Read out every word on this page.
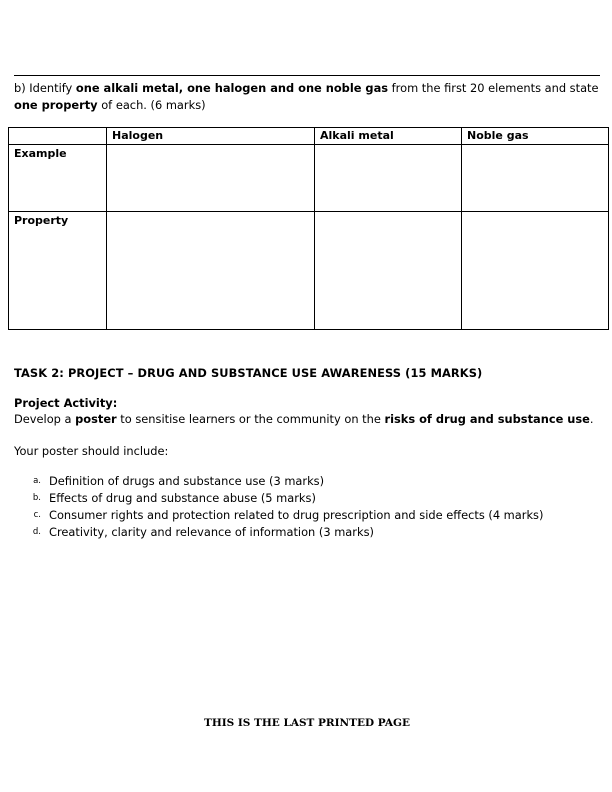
b) Identify one alkali metal, one halogen and one noble gas from the first 20 elements and state one property of each. (6 marks)
	Halogen	Alkali metal	Noble gas
Example			
Property			
TASK 2: PROJECT – DRUG AND SUBSTANCE USE AWARENESS (15 MARKS)
Project Activity:
Develop a poster to sensitise learners or the community on the risks of drug and substance use.
Your poster should include:
a. Definition of drugs and substance use (3 marks)
b. Effects of drug and substance abuse (5 marks)
c. Consumer rights and protection related to drug prescription and side effects (4 marks)
d. Creativity, clarity and relevance of information (3 marks)
THIS IS THE LAST PRINTED PAGE
